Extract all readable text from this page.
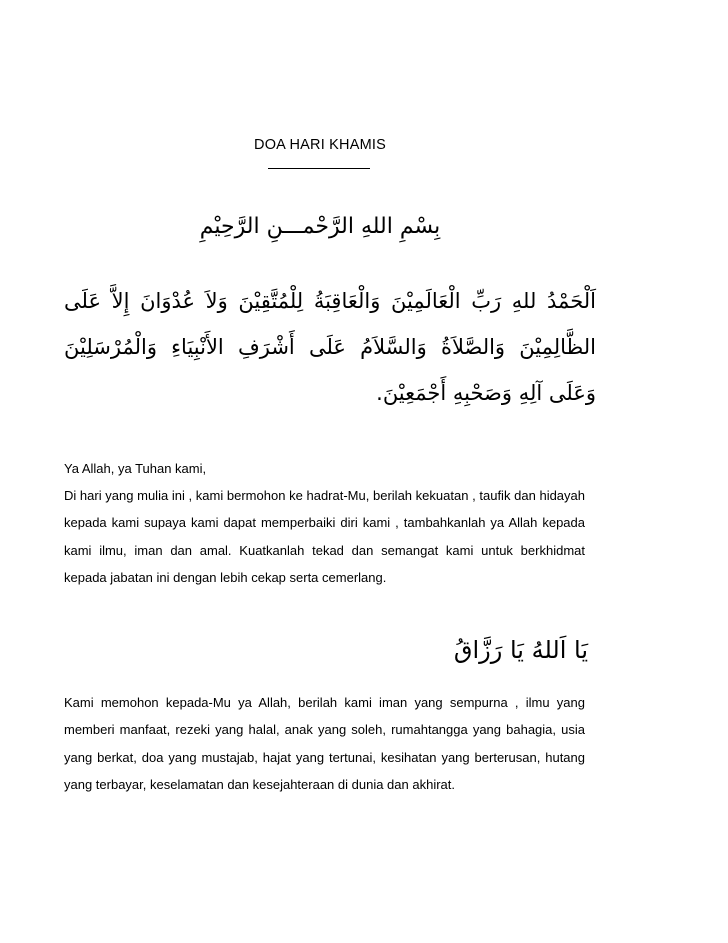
DOA HARI KHAMIS

بِسْمِ اللهِ الرَّحْمـــنِ الرَّحِيْمِ

اَلْحَمْدُ للهِ رَبِّ الْعَالَمِيْنَ وَالْعَاقِبَةُ لِلْمُتَّقِيْنَ وَلاَ عُدْوَانَ إِلاَّ عَلَى الظَّالِمِيْنَ وَالصَّلاَةُ وَالسَّلاَمُ عَلَى أَشْرَفِ الأَنْبِيَاءِ وَالْمُرْسَلِيْنَ وَعَلَى آلِهِ وَصَحْبِهِ أَجْمَعِيْنَ.

Ya Allah, ya Tuhan kami,

Di hari yang mulia ini , kami bermohon ke hadrat-Mu, berilah kekuatan , taufik dan hidayah kepada kami supaya kami dapat memperbaiki diri kami , tambahkanlah ya Allah kepada kami ilmu, iman dan amal. Kuatkanlah tekad dan semangat kami untuk berkhidmat kepada jabatan ini dengan lebih cekap serta cemerlang.

يَا اَللهُ يَا رَزَّاقُ

Kami memohon kepada-Mu ya Allah, berilah kami iman yang sempurna , ilmu yang memberi manfaat, rezeki yang halal, anak yang soleh, rumahtangga yang bahagia, usia yang berkat, doa yang mustajab, hajat yang tertunai, kesihatan yang berterusan, hutang yang terbayar, keselamatan dan kesejahteraan di dunia dan akhirat.
